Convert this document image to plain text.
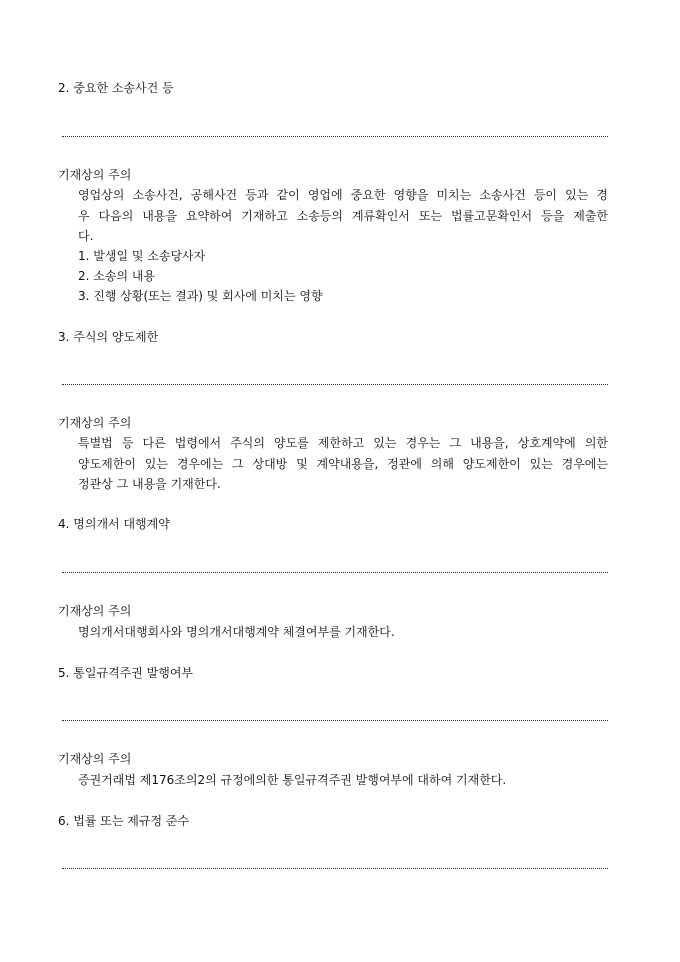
2. 중요한 소송사건 등
기재상의 주의
영업상의 소송사건, 공해사건 등과 같이 영업에 중요한 영향을 미치는 소송사건 등이 있는 경
우 다음의 내용을 요약하여 기재하고 소송등의 계류확인서 또는 법률고문확인서 등을 제출한
다.
1. 발생일 및 소송당사자
2. 소송의 내용
3. 진행 상황(또는 결과) 및 회사에 미치는 영향
3. 주식의 양도제한
기재상의 주의
특별법 등 다른 법령에서 주식의 양도를 제한하고 있는 경우는 그 내용을, 상호계약에 의한
양도제한이 있는 경우에는 그 상대방 및 계약내용을, 정관에 의해 양도제한이 있는 경우에는
정관상 그 내용을 기재한다.
4. 명의개서 대행계약
기재상의 주의
명의개서대행회사와 명의개서대행계약 체결여부를 기재한다.
5. 통일규격주권 발행여부
기재상의 주의
증권거래법 제176조의2의 규정에의한 통일규격주권 발행여부에 대하여 기재한다.
6. 법률 또는 제규정 준수
